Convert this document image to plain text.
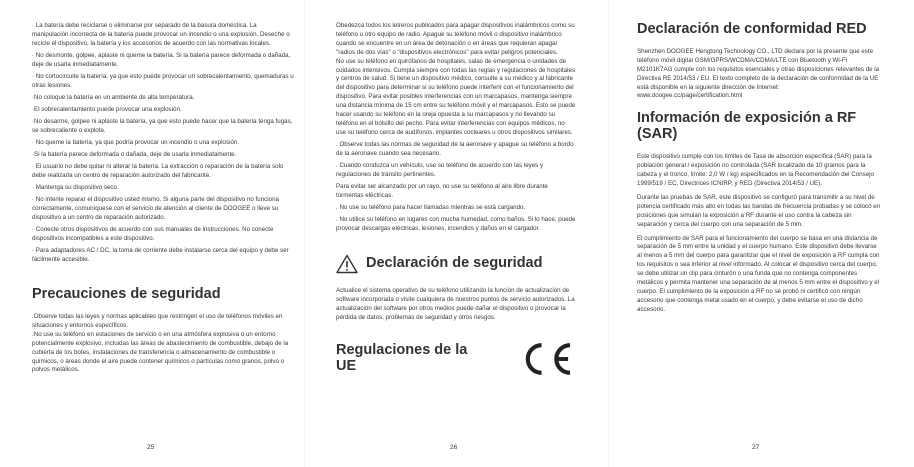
· La batería debe reciclarse o eliminarse por separado de la basura doméstica. La manipulación incorrecta de la batería puede provocar un incendio o una explosión. Deseche o recicle el dispositivo, la batería y los accesorios de acuerdo con las normativas locales.

· No desmonte, golpee, aplaste ni queme la batería. Si la batería parece deformada o dañada, deje de usarla inmediatamente.

· No cortocircuite la batería, ya que esto puede provocar un sobrecalentamiento, quemaduras u otras lesiones.

·No coloque la batería en un ambiente de alta temperatura.

·El sobrecalentamiento puede provocar una explosión.

·No desarme, golpee ni aplaste la batería, ya que esto puede hacer que la batería tenga fugas, se sobrecaliente o explote.

· No queme la batería, ya que podría provocar un incendio o una explosión.

·Si la batería parece deformada o dañada, deje de usarla inmediatamente.

· El usuario no debe quitar ni alterar la batería. La extracción o reparación de la batería solo debe realizarla un centro de reparación autorizado del fabricante.

· Mantenga su dispositivo seco.

· No intente reparar el dispositivo usted mismo. Si alguna parte del dispositivo no funciona correctamente, comuníquese con el servicio de atención al cliente de DOOGEE o lleve su dispositivo a un centro de reparación autorizado.

· Conecte otros dispositivos de acuerdo con sus manuales de instrucciones. No conecte dispositivos incompatibles a este dispositivo.

· Para adaptadores AC / DC, la toma de corriente debe instalarse cerca del equipo y debe ser fácilmente accesible.

Precauciones de seguridad

.Observe todas las leyes y normas aplicables que restringen el uso de teléfonos móviles en situaciones y entornos específicos.
.No use su teléfono en estaciones de servicio o en una atmósfera explosiva o un entorno potencialmente explosivo, incluidas las áreas de abastecimiento de combustible, debajo de la cubierta de los botes, instalaciones de transferencia o almacenamiento de combustible o químicos, o áreas donde el aire puede contener químicos o partículas como granos, polvo o polvos metálicos.

Obedezca todos los letreros publicados para apagar dispositivos inalámbricos como su teléfono u otro equipo de radio. Apague su teléfono móvil o dispositivo inalámbrico cuando se encuentre en un área de detonación o en áreas que requieran apagar "radios de dos vías" o "dispositivos electrónicos" para evitar peligros potenciales.
No use su teléfono en quirófanos de hospitales, salas de emergencia o unidades de cuidados intensivos. Cumpla siempre con todas las reglas y regulaciones de hospitales y centros de salud. Si tiene un dispositivo médico, consulte a su médico y al fabricante del dispositivo para determinar si su teléfono puede interferir con el funcionamiento del dispositivo. Para evitar posibles interferencias con un marcapasos, mantenga siempre una distancia mínima de 15 cm entre su teléfono móvil y el marcapasos. Esto se puede hacer usando su teléfono en la oreja opuesta a su marcapasos y no llevando su teléfono en el bolsillo del pecho. Para evitar interferencias con equipos médicos, no use su teléfono cerca de audífonos, implantes cocleares u otros dispositivos similares.

. Observe todas las normas de seguridad de la aeronave y apague su teléfono a bordo de la aeronave cuando sea necesario.

. Cuando conduzca un vehículo, use su teléfono de acuerdo con las leyes y regulaciones de tránsito pertinentes.

Para evitar ser alcanzado por un rayo, no use su teléfono al aire libre durante tormentas eléctricas.

. No use su teléfono para hacer llamadas mientras se está cargando.

. No utilice su teléfono en lugares con mucha humedad, como baños. Si lo hace, puede provocar descargas eléctricas, lesiones, incendios y daños en el cargador.

Declaración de seguridad

Actualice el sistema operativo de su teléfono utilizando la función de actualización de software incorporada o visite cualquiera de nuestros puntos de servicio autorizados. La actualización del software por otros medios puede dañar el dispositivo o provocar la pérdida de datos, problemas de seguridad y otros riesgos.

Regulaciones de la UE
Declaración de conformidad RED

Shenzhen DOOGEE Hengtong Technology CO., LTD declara por la presente que este teléfono móvil digital GSM/GPRS/WCDMA/CDMA/LTE con Bluetooth y Wi-Fi M2101K7AG cumple con los requisitos esenciales y otras disposiciones relevantes de la Directiva RE 2014/53 / EU. El texto completo de la declaración de conformidad de la UE está disponible en la siguiente dirección de Internet: www.doogee.cc/page/certification.html

Información de exposición a RF (SAR)

Este dispositivo cumple con los límites de Tasa de absorción específica (SAR) para la población general / exposición no controlada (SAR localizado de 10 gramos para la cabeza y el tronco, límite: 2,0 W / kg) especificados en la Recomendación del Consejo 1999/519 / EC, Directrices ICNIRP, y RED (Directiva 2014/53 / UE).

Durante las pruebas de SAR, este dispositivo se configuró para transmitir a su nivel de potencia certificado más alto en todas las bandas de frecuencia probadas y se colocó en posiciones que simulan la exposición a RF durante el uso contra la cabeza sin separación y cerca del cuerpo con una separación de 5 mm.

El cumplimiento de SAR para el funcionamiento del cuerpo se basa en una distancia de separación de 5 mm entre la unidad y el cuerpo humano. Este dispositivo debe llevarse al menos a 5 mm del cuerpo para garantizar que el nivel de exposición a RF cumpla con los requisitos o sea inferior al nivel informado. Al colocar el dispositivo cerca del cuerpo, se debe utilizar un clip para cinturón o una funda que no contenga componentes metálicos y permita mantener una separación de al menos 5 mm entre el dispositivo y el cuerpo. El cumplimiento de la exposición a RF no se probó ni certificó con ningún accesorio que contenga metal usado en el cuerpo, y debe evitarse el uso de dicho accesorio.

25	26	27
